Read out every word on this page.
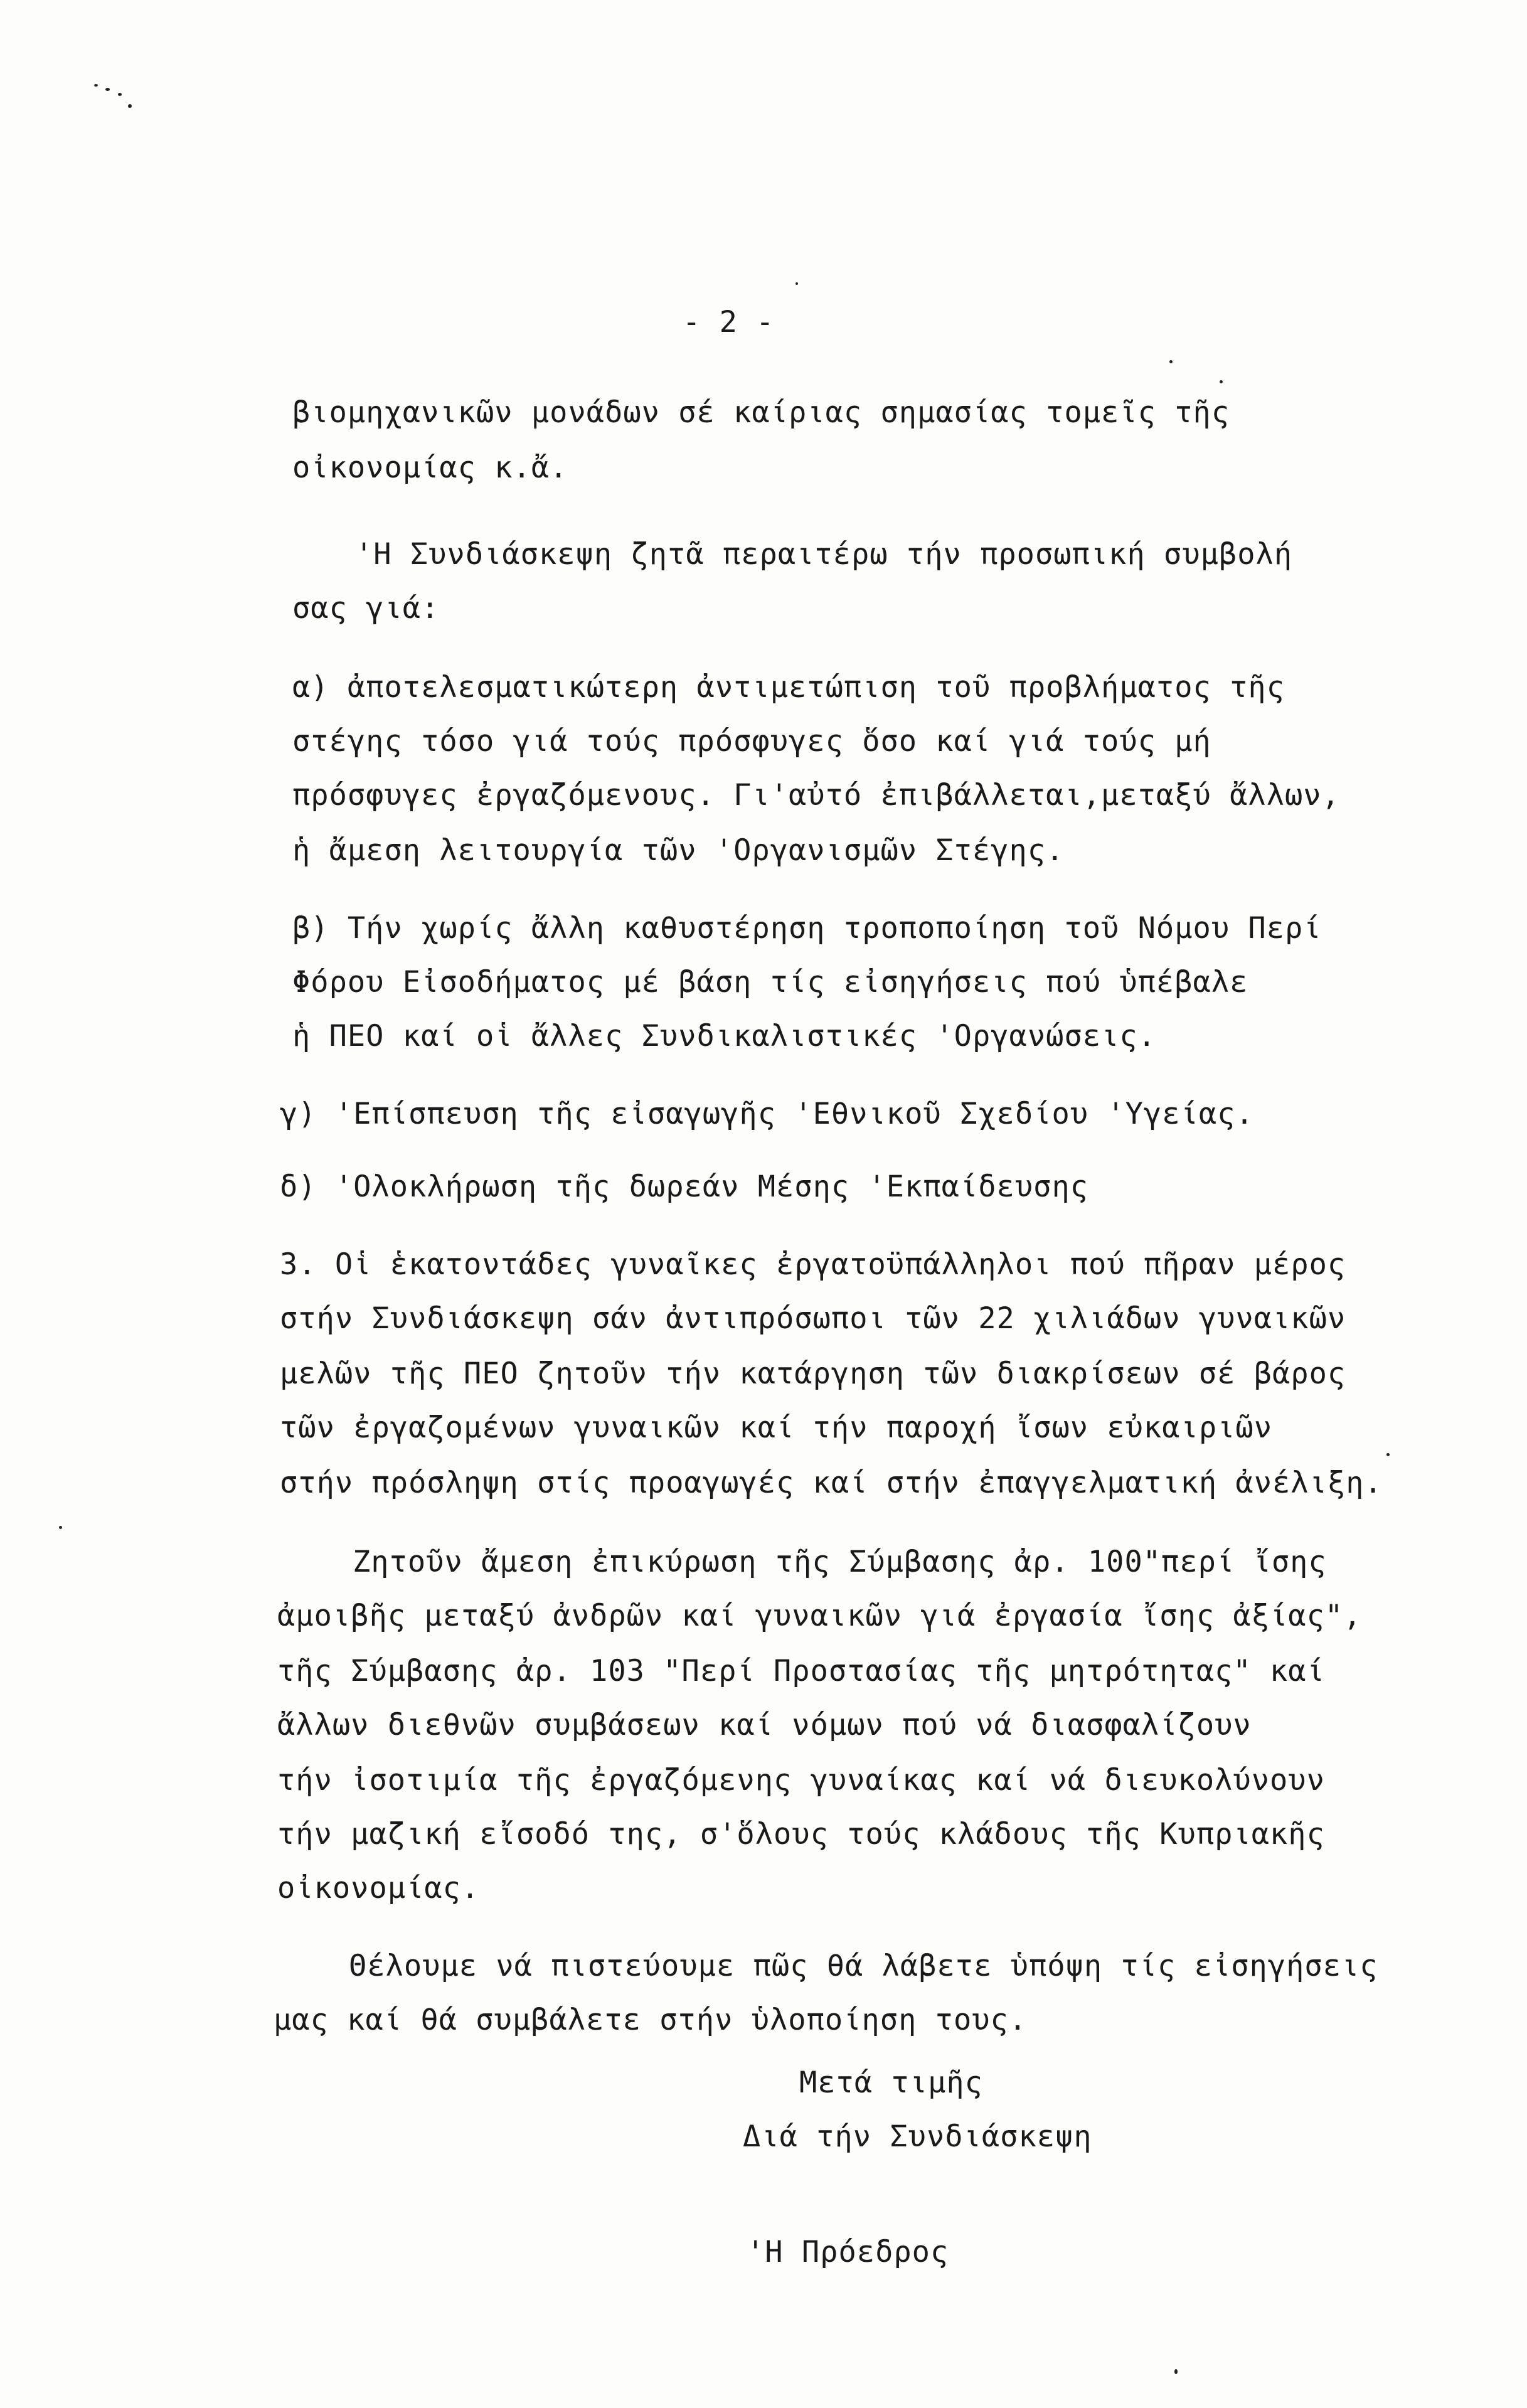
- 2 -
βιομηχανικῶν μονάδων σέ καίριας σημασίας τομεῖς τῆς
οἰκονομίας κ.ἄ.
'Η Συνδιάσκεψη ζητᾶ περαιτέρω τήν προσωπική συμβολή
σας γιά:
α) ἀποτελεσματικώτερη ἀντιμετώπιση τοῦ προβλήματος τῆς
στέγης τόσο γιά τούς πρόσφυγες ὅσο καί γιά τούς μή
πρόσφυγες ἐργαζόμενους. Γι'αὐτό ἐπιβάλλεται,μεταξύ ἄλλων,
ἡ ἄμεση λειτουργία τῶν 'Οργανισμῶν Στέγης.
β) Τήν χωρίς ἄλλη καθυστέρηση τροποποίηση τοῦ Νόμου Περί
Φόρου Εἰσοδήματος μέ βάση τίς εἰσηγήσεις πού ὑπέβαλε
ἡ ΠΕΟ καί οἱ ἄλλες Συνδικαλιστικές 'Οργανώσεις.
γ) 'Επίσπευση τῆς εἰσαγωγῆς 'Εθνικοῦ Σχεδίου 'Υγείας.
δ) 'Ολοκλήρωση τῆς δωρεάν Μέσης 'Εκπαίδευσης
3. Οἱ ἑκατοντάδες γυναῖκες ἐργατοϋπάλληλοι πού πῆραν μέρος
στήν Συνδιάσκεψη σάν ἀντιπρόσωποι τῶν 22 χιλιάδων γυναικῶν
μελῶν τῆς ΠΕΟ ζητοῦν τήν κατάργηση τῶν διακρίσεων σέ βάρος
τῶν ἐργαζομένων γυναικῶν καί τήν παροχή ἴσων εὐκαιριῶν
στήν πρόσληψη στίς προαγωγές καί στήν ἐπαγγελματική ἀνέλιξη.
Ζητοῦν ἄμεση ἐπικύρωση τῆς Σύμβασης ἀρ. 100"περί ἴσης
ἀμοιβῆς μεταξύ ἀνδρῶν καί γυναικῶν γιά ἐργασία ἴσης ἀξίας",
τῆς Σύμβασης ἀρ. 103 "Περί Προστασίας τῆς μητρότητας" καί
ἄλλων διεθνῶν συμβάσεων καί νόμων πού νά διασφαλίζουν
τήν ἰσοτιμία τῆς ἐργαζόμενης γυναίκας καί νά διευκολύνουν
τήν μαζική εἴσοδό της, σ'ὅλους τούς κλάδους τῆς Κυπριακῆς
οἰκονομίας.
Θέλουμε νά πιστεύουμε πῶς θά λάβετε ὑπόψη τίς εἰσηγήσεις
μας καί θά συμβάλετε στήν ὑλοποίηση τους.
Μετά τιμῆς
Διά τήν Συνδιάσκεψη
'Η Πρόεδρος
